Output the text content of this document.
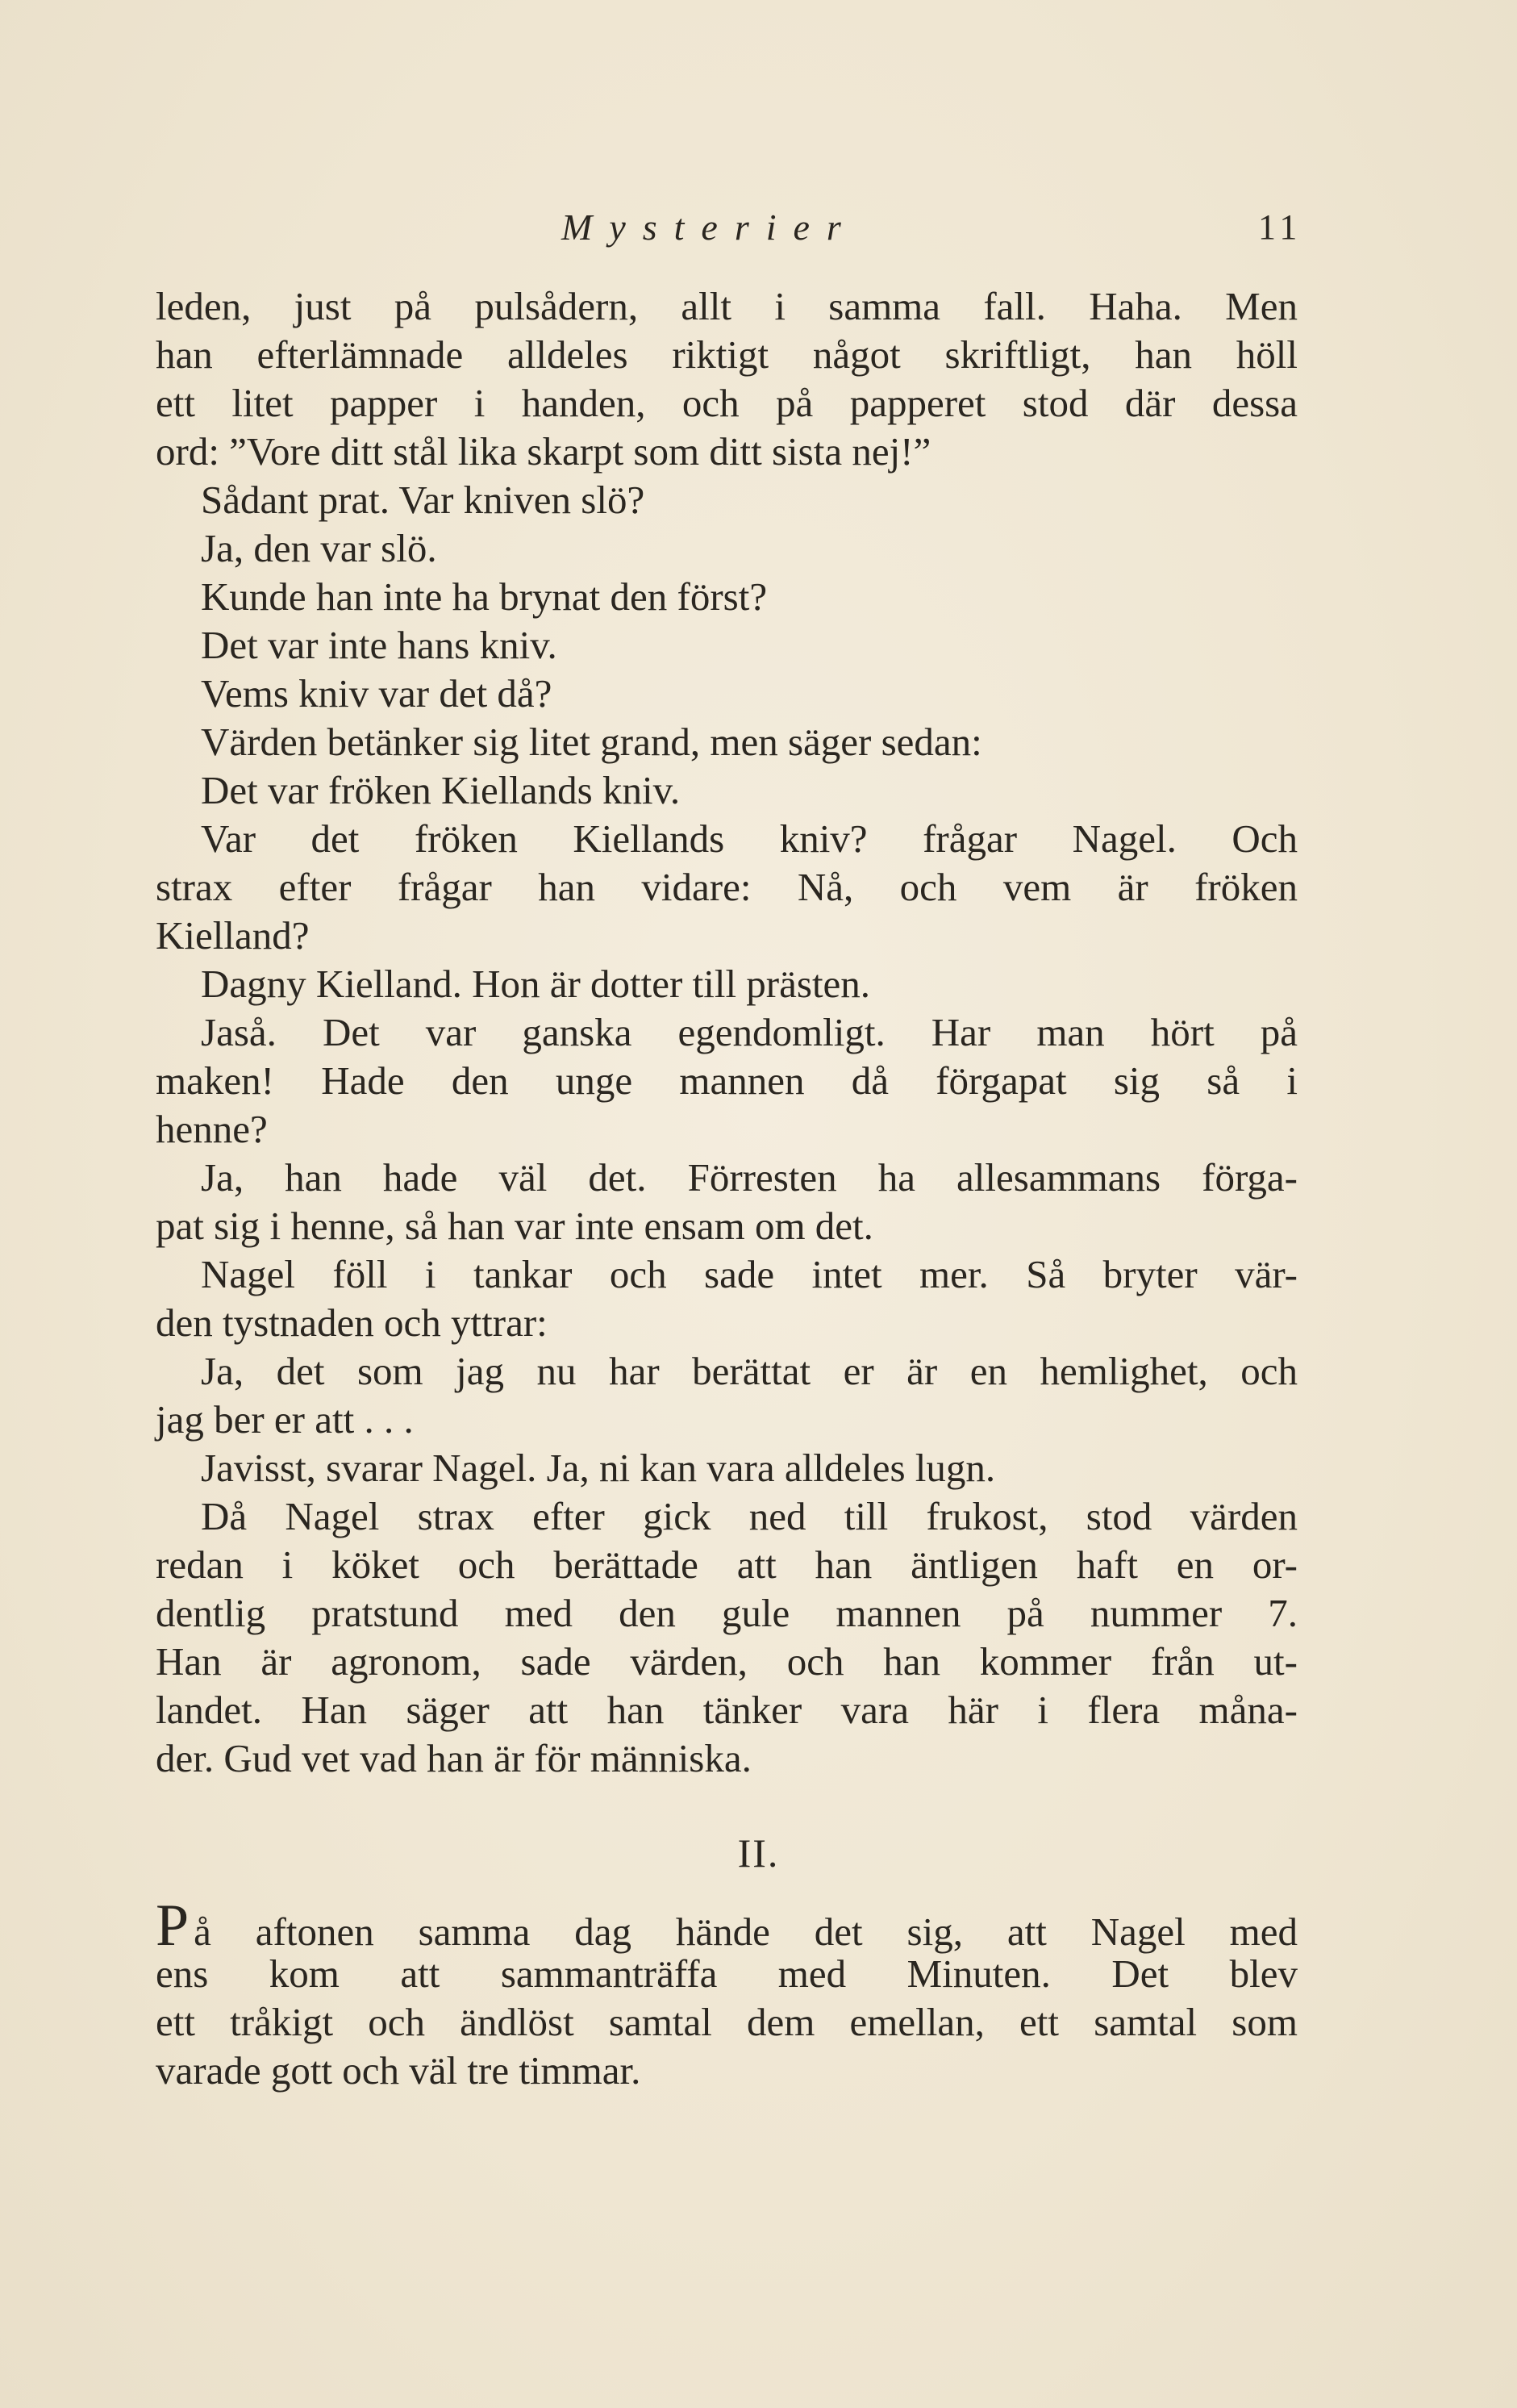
Mysterier	11
leden, just på pulsådern, allt i samma fall. Haha. Men
han efterlämnade alldeles riktigt något skriftligt, han höll
ett litet papper i handen, och på papperet stod där dessa
ord: ”Vore ditt stål lika skarpt som ditt sista nej!”
Sådant prat. Var kniven slö?
Ja, den var slö.
Kunde han inte ha brynat den först?
Det var inte hans kniv.
Vems kniv var det då?
Värden betänker sig litet grand, men säger sedan:
Det var fröken Kiellands kniv.
Var det fröken Kiellands kniv? frågar Nagel. Och
strax efter frågar han vidare: Nå, och vem är fröken
Kielland?
Dagny Kielland. Hon är dotter till prästen.
Jaså. Det var ganska egendomligt. Har man hört på
maken! Hade den unge mannen då förgapat sig så i
henne?
Ja, han hade väl det. Förresten ha allesammans förga-
pat sig i henne, så han var inte ensam om det.
Nagel föll i tankar och sade intet mer. Så bryter vär-
den tystnaden och yttrar:
Ja, det som jag nu har berättat er är en hemlighet, och
jag ber er att . . .
Javisst, svarar Nagel. Ja, ni kan vara alldeles lugn.
Då Nagel strax efter gick ned till frukost, stod värden
redan i köket och berättade att han äntligen haft en or-
dentlig pratstund med den gule mannen på nummer 7.
Han är agronom, sade värden, och han kommer från ut-
landet. Han säger att han tänker vara här i flera måna-
der. Gud vet vad han är för människa.
II.
På aftonen samma dag hände det sig, att Nagel med
ens kom att sammanträffa med Minuten. Det blev
ett tråkigt och ändlöst samtal dem emellan, ett samtal som
varade gott och väl tre timmar.
